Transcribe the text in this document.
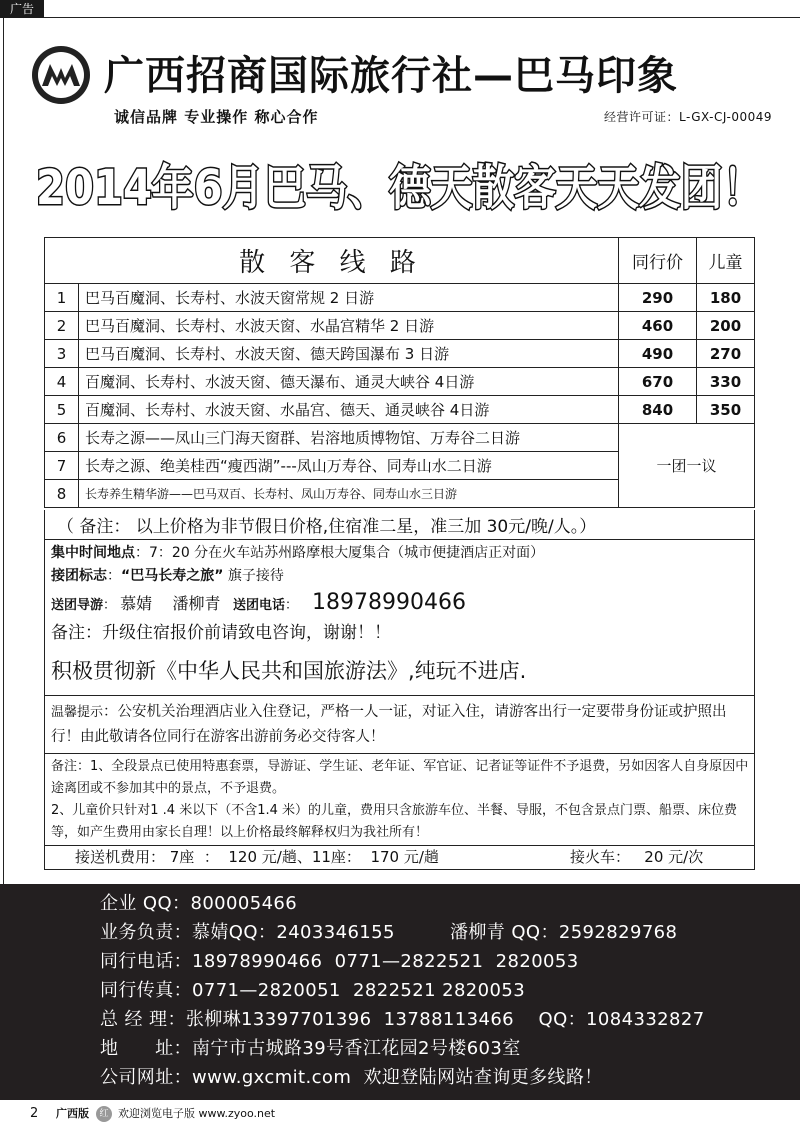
广告
广西招商国际旅行社—巴马印象
诚信品牌 专业操作 称心合作	经营许可证：L-GX-CJ-00049
2014年6月巴马、德天散客天天发团！
散 客 线 路		同行价	儿童
1	巴马百魔洞、长寿村、水波天窗常规 2 日游	290	180
2	巴马百魔洞、长寿村、水波天窗、水晶宫精华 2 日游	460	200
3	巴马百魔洞、长寿村、水波天窗、德天跨国瀑布 3 日游	490	270
4	百魔洞、长寿村、水波天窗、德天瀑布、通灵大峡谷 4日游	670	330
5	百魔洞、长寿村、水波天窗、水晶宫、德天、通灵峡谷 4日游	840	350
6	长寿之源——凤山三门海天窗群、岩溶地质博物馆、万寿谷二日游	一团一议	
7	长寿之源、绝美桂西“瘦西湖”---凤山万寿谷、同寿山水二日游		
8	长寿养生精华游——巴马双百、长寿村、凤山万寿谷、同寿山水三日游		
（ 备注： 以上价格为非节假日价格,住宿准二星，准三加 30元/晚/人。）
集中时间地点：7：20 分在火车站苏州路摩根大厦集合（城市便捷酒店正对面）
接团标志：“巴马长寿之旅” 旗子接待
送团导游： 慕婧    潘柳青 送团电话： 18978990466
备注：升级住宿报价前请致电咨询，谢谢！！
积极贯彻新《中华人民共和国旅游法》,纯玩不进店.
温馨提示：公安机关治理酒店业入住登记，严格一人一证，对证入住，请游客出行一定要带身份证或护照出行！由此敬请各位同行在游客出游前务必交待客人！
备注：1、全段景点已使用特惠套票，导游证、学生证、老年证、军官证、记者证等证件不予退费，另如因客人自身原因中途离团或不参加其中的景点，不予退费。
2、儿童价只针对1 .4 米以下（不含1.4 米）的儿童，费用只含旅游车位、半餐、导服，不包含景点门票、船票、床位费等，如产生费用由家长自理！以上价格最终解释权归为我社所有！
接送机费用： 7座  ：  120 元/趟、11座：  170 元/趟	接火车：   20 元/次
企业 QQ：800005466
业务负责：慕婧QQ：2403346155	潘柳青 QQ：2592829768
同行电话：18978990466  0771—2822521  2820053
同行传真：0771—2820051  2822521 2820053
总 经 理：张柳琳13397701396  13788113466    QQ：1084332827
地      址：南宁市古城路39号香江花园2号楼603室
公司网址：www.gxcmit.com  欢迎登陆网站查询更多线路！
2 广西版	红 欢迎浏览电子版 www.zyoo.net
